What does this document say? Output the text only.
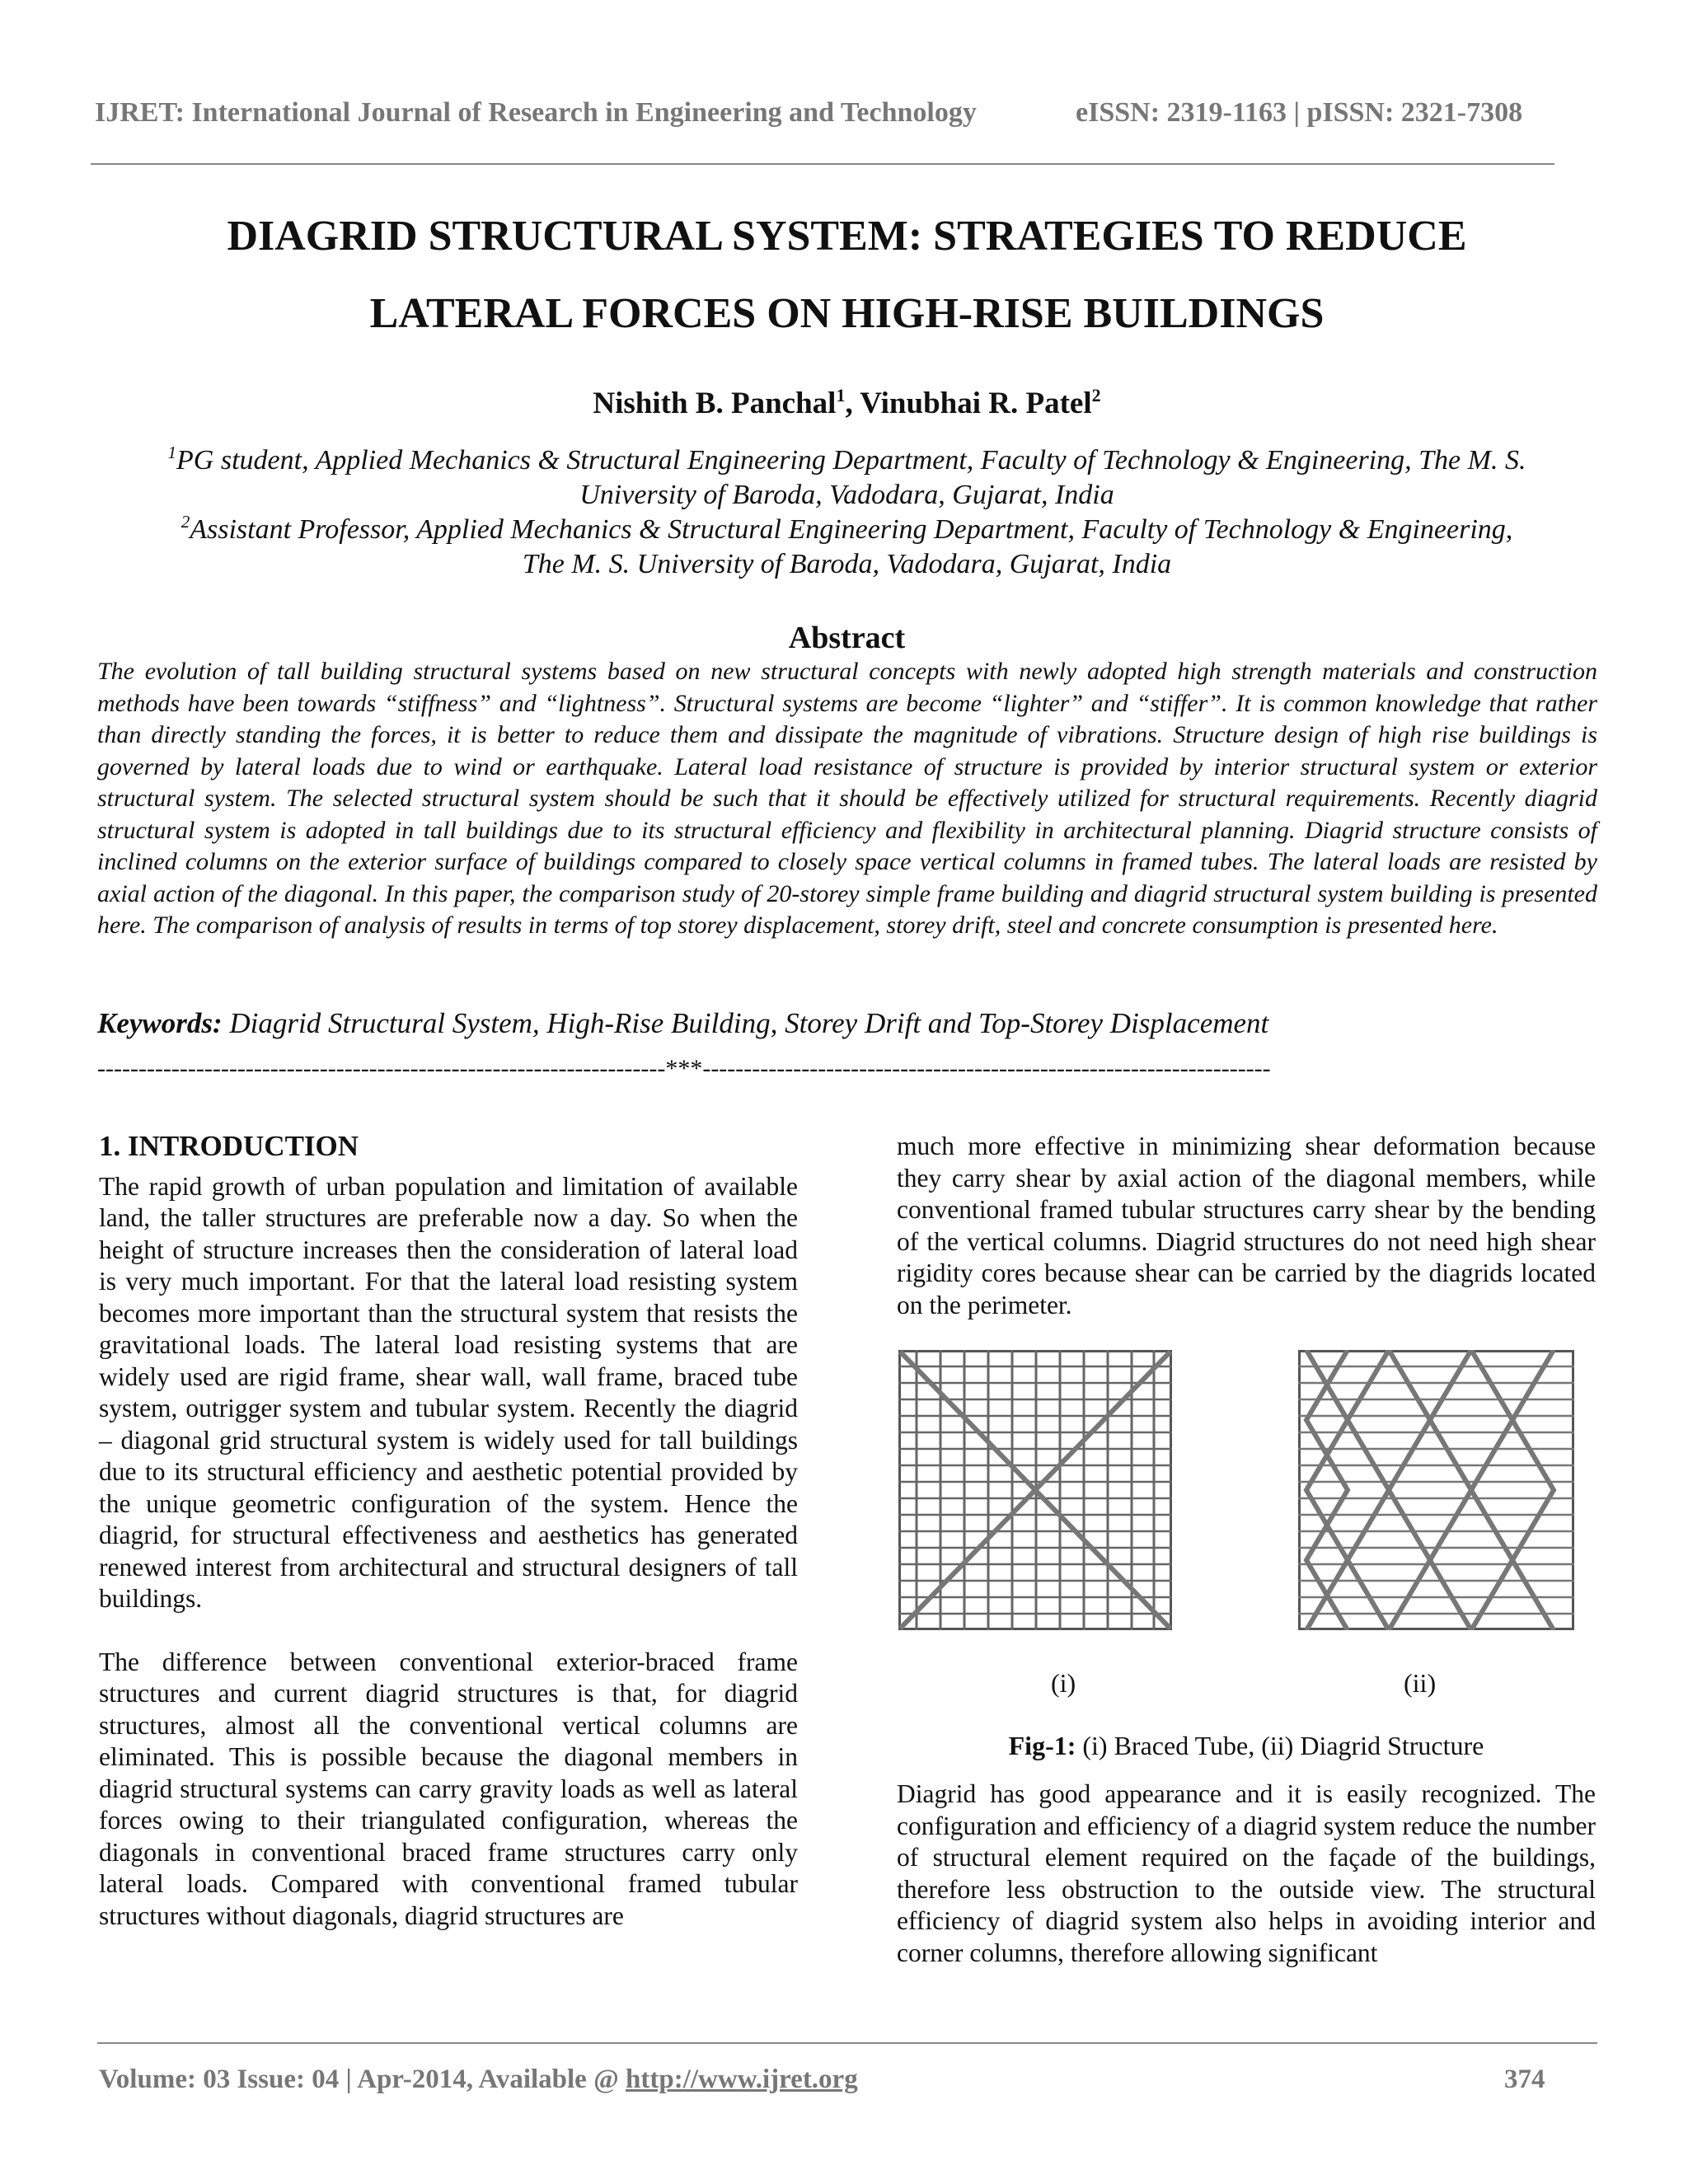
IJRET: International Journal of Research in Engineering and Technology	eISSN: 2319-1163 | pISSN: 2321-7308
DIAGRID STRUCTURAL SYSTEM: STRATEGIES TO REDUCE
LATERAL FORCES ON HIGH-RISE BUILDINGS
Nishith B. Panchal$^1$, Vinubhai R. Patel$^2$
$^1$PG student, Applied Mechanics & Structural Engineering Department, Faculty of Technology & Engineering, The M. S.
University of Baroda, Vadodara, Gujarat, India
$^2$Assistant Professor, Applied Mechanics & Structural Engineering Department, Faculty of Technology & Engineering,
The M. S. University of Baroda, Vadodara, Gujarat, India
Abstract
The evolution of tall building structural systems based on new structural concepts with newly adopted high strength materials and construction methods have been towards “stiffness” and “lightness”. Structural systems are become “lighter” and “stiffer”. It is common knowledge that rather than directly standing the forces, it is better to reduce them and dissipate the magnitude of vibrations. Structure design of high rise buildings is governed by lateral loads due to wind or earthquake. Lateral load resistance of structure is provided by interior structural system or exterior structural system. The selected structural system should be such that it should be effectively utilized for structural requirements. Recently diagrid structural system is adopted in tall buildings due to its structural efficiency and flexibility in architectural planning. Diagrid structure consists of inclined columns on the exterior surface of buildings compared to closely space vertical columns in framed tubes. The lateral loads are resisted by axial action of the diagonal. In this paper, the comparison study of 20-storey simple frame building and diagrid structural system building is presented here. The comparison of analysis of results in terms of top storey displacement, storey drift, steel and concrete consumption is presented here.
Keywords: Diagrid Structural System, High-Rise Building, Storey Drift and Top-Storey Displacement
---------------------------------------------------------------------***---------------------------------------------------------------------
1. INTRODUCTION

The rapid growth of urban population and limitation of available land, the taller structures are preferable now a day. So when the height of structure increases then the consideration of lateral load is very much important. For that the lateral load resisting system becomes more important than the structural system that resists the gravitational loads. The lateral load resisting systems that are widely used are rigid frame, shear wall, wall frame, braced tube system, outrigger system and tubular system. Recently the diagrid – diagonal grid structural system is widely used for tall buildings due to its structural efficiency and aesthetic potential provided by the unique geometric configuration of the system. Hence the diagrid, for structural effectiveness and aesthetics has generated renewed interest from architectural and structural designers of tall buildings.

The difference between conventional exterior-braced frame structures and current diagrid structures is that, for diagrid structures, almost all the conventional vertical columns are eliminated. This is possible because the diagonal members in diagrid structural systems can carry gravity loads as well as lateral forces owing to their triangulated configuration, whereas the diagonals in conventional braced frame structures carry only lateral loads. Compared with conventional framed tubular structures without diagonals, diagrid structures are

much more effective in minimizing shear deformation because they carry shear by axial action of the diagonal members, while conventional framed tubular structures carry shear by the bending of the vertical columns. Diagrid structures do not need high shear rigidity cores because shear can be carried by the diagrids located on the perimeter.

Diagrid has good appearance and it is easily recognized. The configuration and efficiency of a diagrid system reduce the number of structural element required on the façade of the buildings, therefore less obstruction to the outside view. The structural efficiency of diagrid system also helps in avoiding interior and corner columns, therefore allowing significant

(i)	(ii)
Fig-1: (i) Braced Tube, (ii) Diagrid Structure
Volume: 03 Issue: 04 | Apr-2014, Available @ http://www.ijret.org	374
